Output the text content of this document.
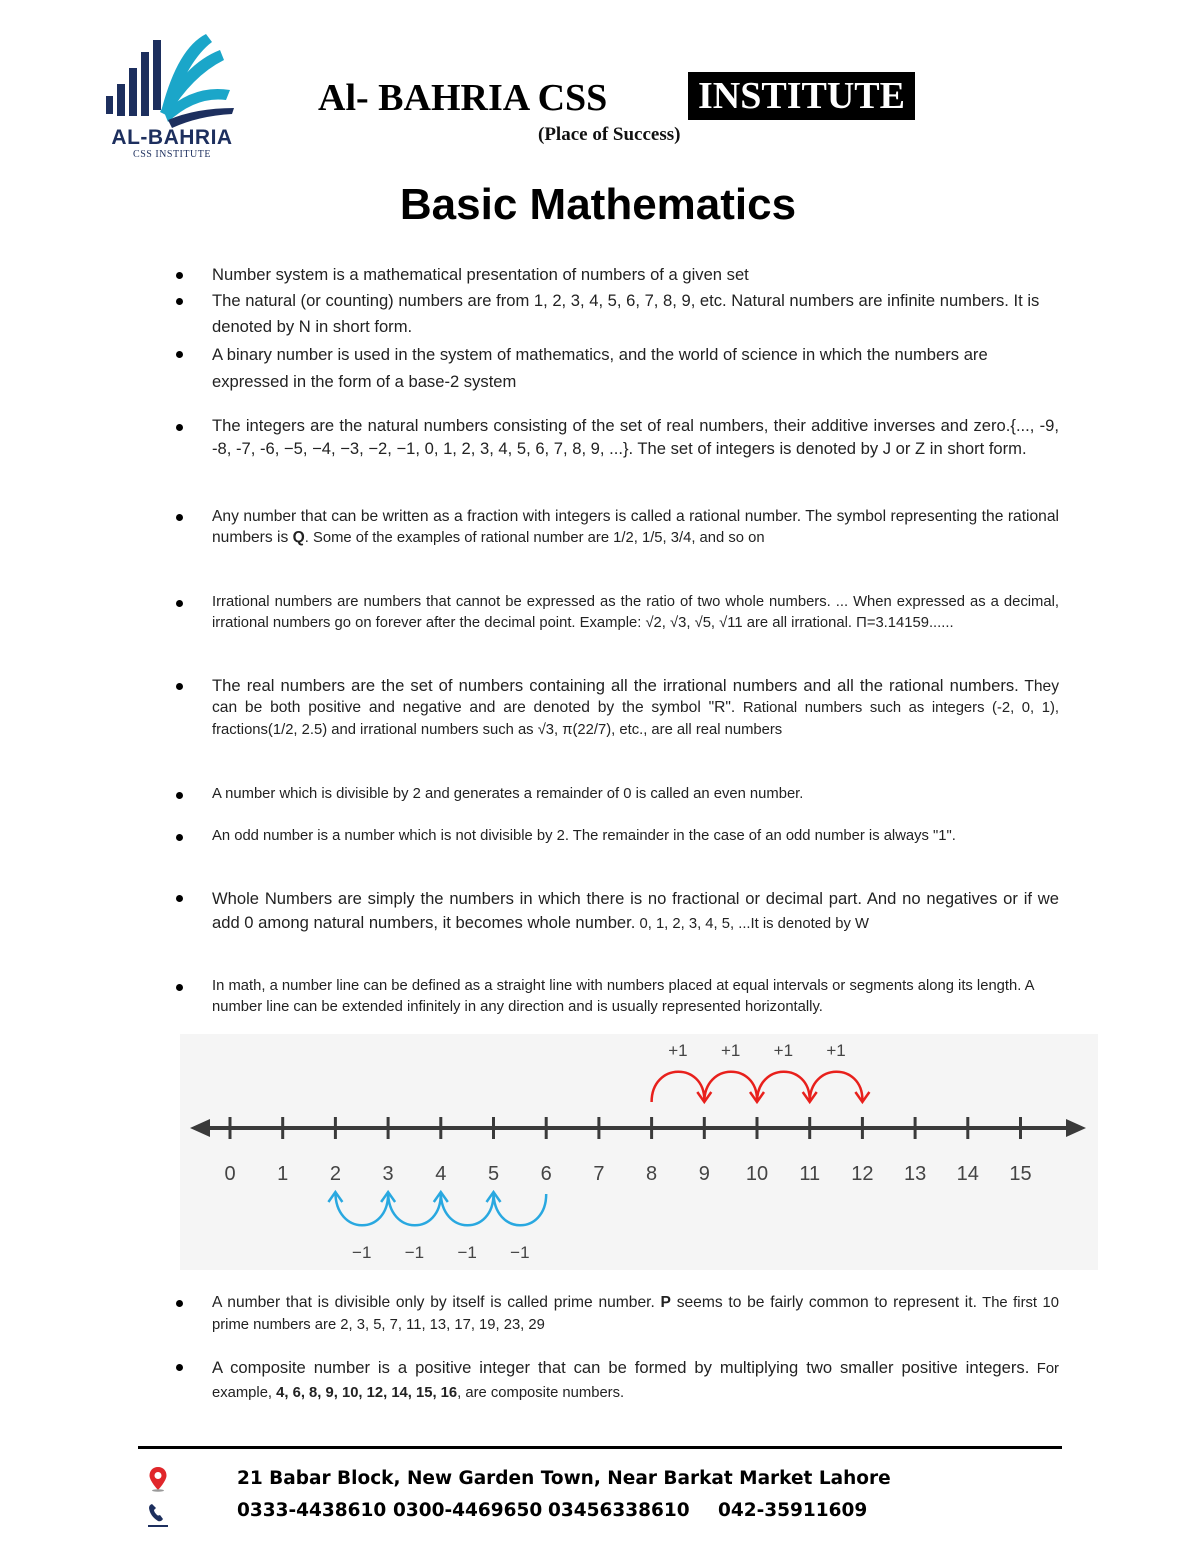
AL-BAHRIA
CSS INSTITUTE
Al- BAHRIA CSS INSTITUTE
(Place of Success)
Basic Mathematics

Number system is a mathematical presentation of numbers of a given set

The natural (or counting) numbers are from 1, 2, 3, 4, 5, 6, 7, 8, 9, etc. Natural numbers are infinite numbers. It is denoted by N in short form.

A binary number is used in the system of mathematics, and the world of science in which the numbers are expressed in the form of a base-2 system

The integers are the natural numbers consisting of the set of real numbers, their additive inverses and zero.{..., -9, -8, -7, -6, −5, −4, −3, −2, −1, 0, 1, 2, 3, 4, 5, 6, 7, 8, 9, ...}. The set of integers is denoted by J or Z in short form.

Any number that can be written as a fraction with integers is called a rational number. The symbol representing the rational numbers is Q. Some of the examples of rational number are 1/2, 1/5, 3/4, and so on

Irrational numbers are numbers that cannot be expressed as the ratio of two whole numbers. ... When expressed as a decimal, irrational numbers go on forever after the decimal point. Example: √2, √3, √5, √11 are all irrational. Π=3.14159......

The real numbers are the set of numbers containing all the irrational numbers and all the rational numbers. They can be both positive and negative and are denoted by the symbol "R". Rational numbers such as integers (-2, 0, 1), fractions(1/2, 2.5) and irrational numbers such as √3, π(22/7), etc., are all real numbers

A number which is divisible by 2 and generates a remainder of 0 is called an even number.

An odd number is a number which is not divisible by 2. The remainder in the case of an odd number is always "1".

Whole Numbers are simply the numbers in which there is no fractional or decimal part. And no negatives or if we add 0 among natural numbers, it becomes whole number. 0, 1, 2, 3, 4, 5, ...It is denoted by W

In math, a number line can be defined as a straight line with numbers placed at equal intervals or segments along its length. A number line can be extended infinitely in any direction and is usually represented horizontally.

0 1 2 3 4 5 6 7 8 9 10 11 12 13 14 15
+1 +1 +1 +1
−1
−1
−1
−1

A number that is divisible only by itself is called prime number. P seems to be fairly common to represent it. The first 10 prime numbers are 2, 3, 5, 7, 11, 13, 17, 19, 23, 29

A composite number is a positive integer that can be formed by multiplying two smaller positive integers. For example, 4, 6, 8, 9, 10, 12, 14, 15, 16, are composite numbers.

21 Babar Block, New Garden Town, Near Barkat Market Lahore
0333-4438610 0300-4469650 03456338610 042-35911609
